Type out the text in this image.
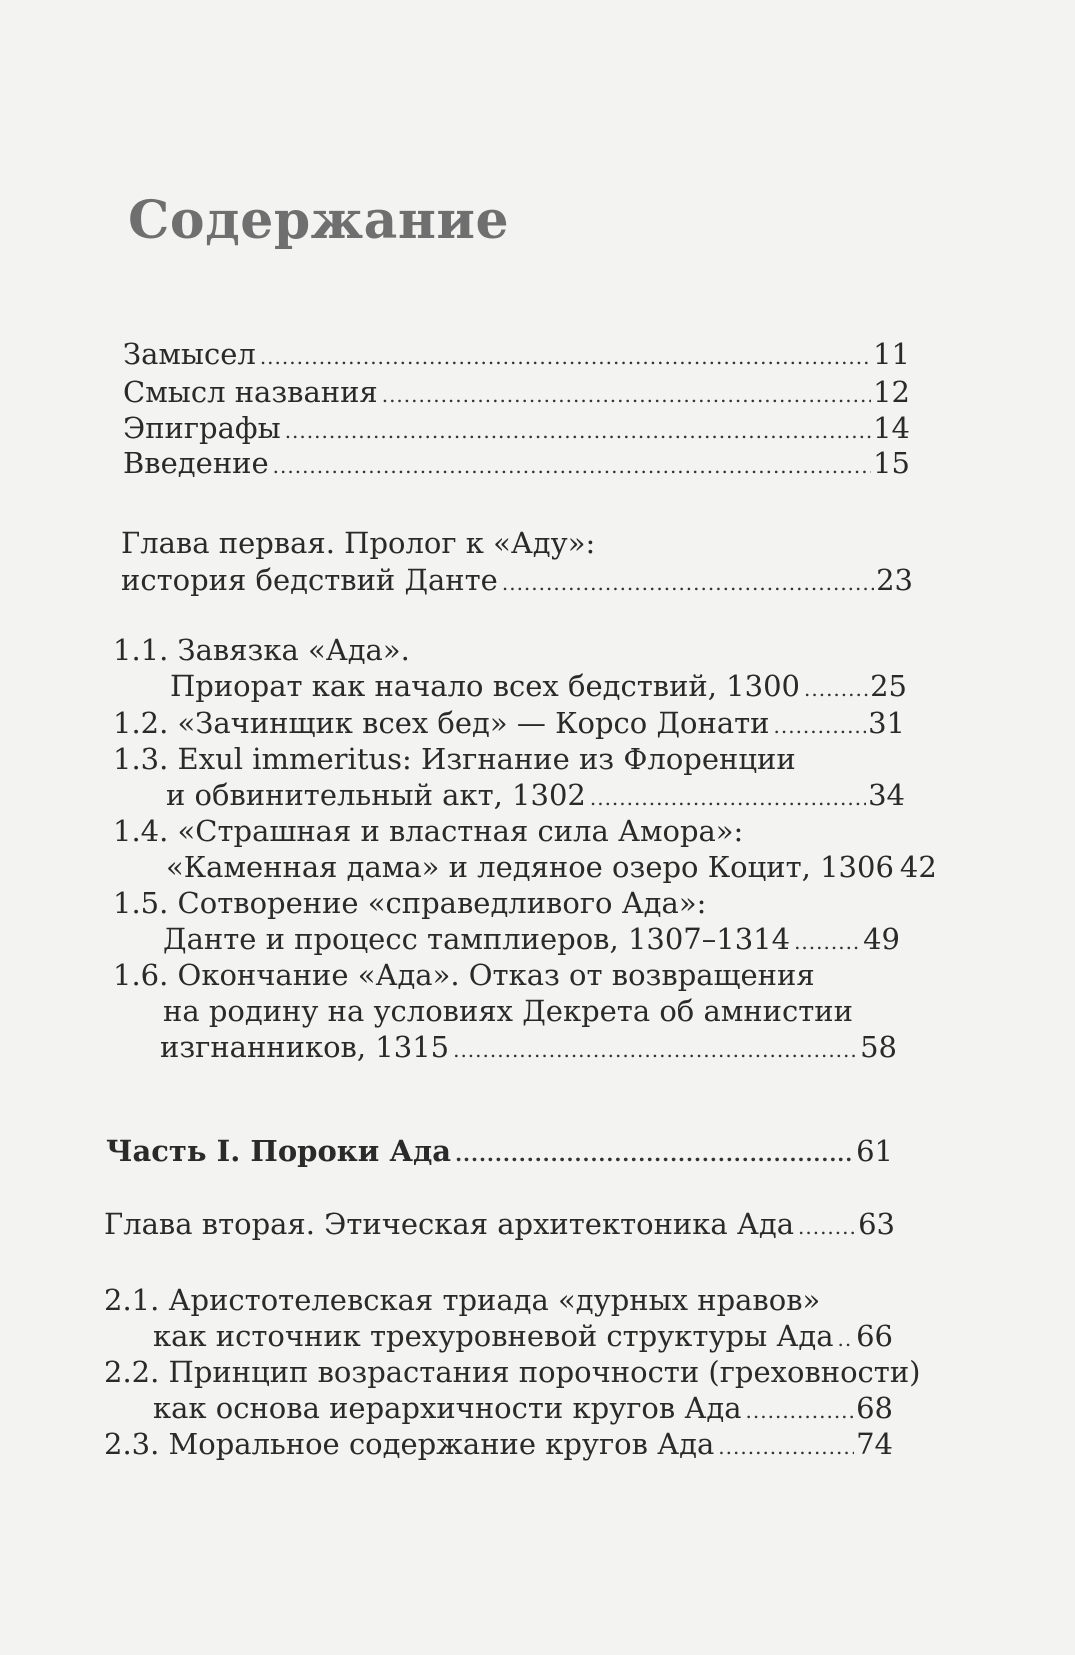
Содержание
Замысел .....	11
Смысл названия .....	12
Эпиграфы .....	14
Введение .....	15
Глава первая. Пролог к «Аду»:
история бедствий Данте .....	23
1.1. Завязка «Ада».
Приорат как начало всех бедствий, 1300 ..... 25
1.2. «Зачинщик всех бед» — Корсо Донати .....	31
1.3. Exul immeritus: Изгнание из Флоренции
и обвинительный акт, 1302 .....	34
1.4. «Страшная и властная сила Амора»:
«Каменная дама» и ледяное озеро Коцит, 1306 42
1.5. Сотворение «справедливого Ада»:
Данте и процесс тамплиеров, 1307–1314 .....	49
1.6. Окончание «Ада». Отказ от возвращения
на родину на условиях Декрета об амнистии
изгнанников, 1315 .....	58
Часть I. Пороки Ада .....	61
Глава вторая. Этическая архитектоника Ада ..... 63
2.1. Аристотелевская триада «дурных нравов»
как источник трехуровневой структуры Ада ..... 66
2.2. Принцип возрастания порочности (греховности)
как основа иерархичности кругов Ада .....	68
2.3. Моральное содержание кругов Ада .....	74
